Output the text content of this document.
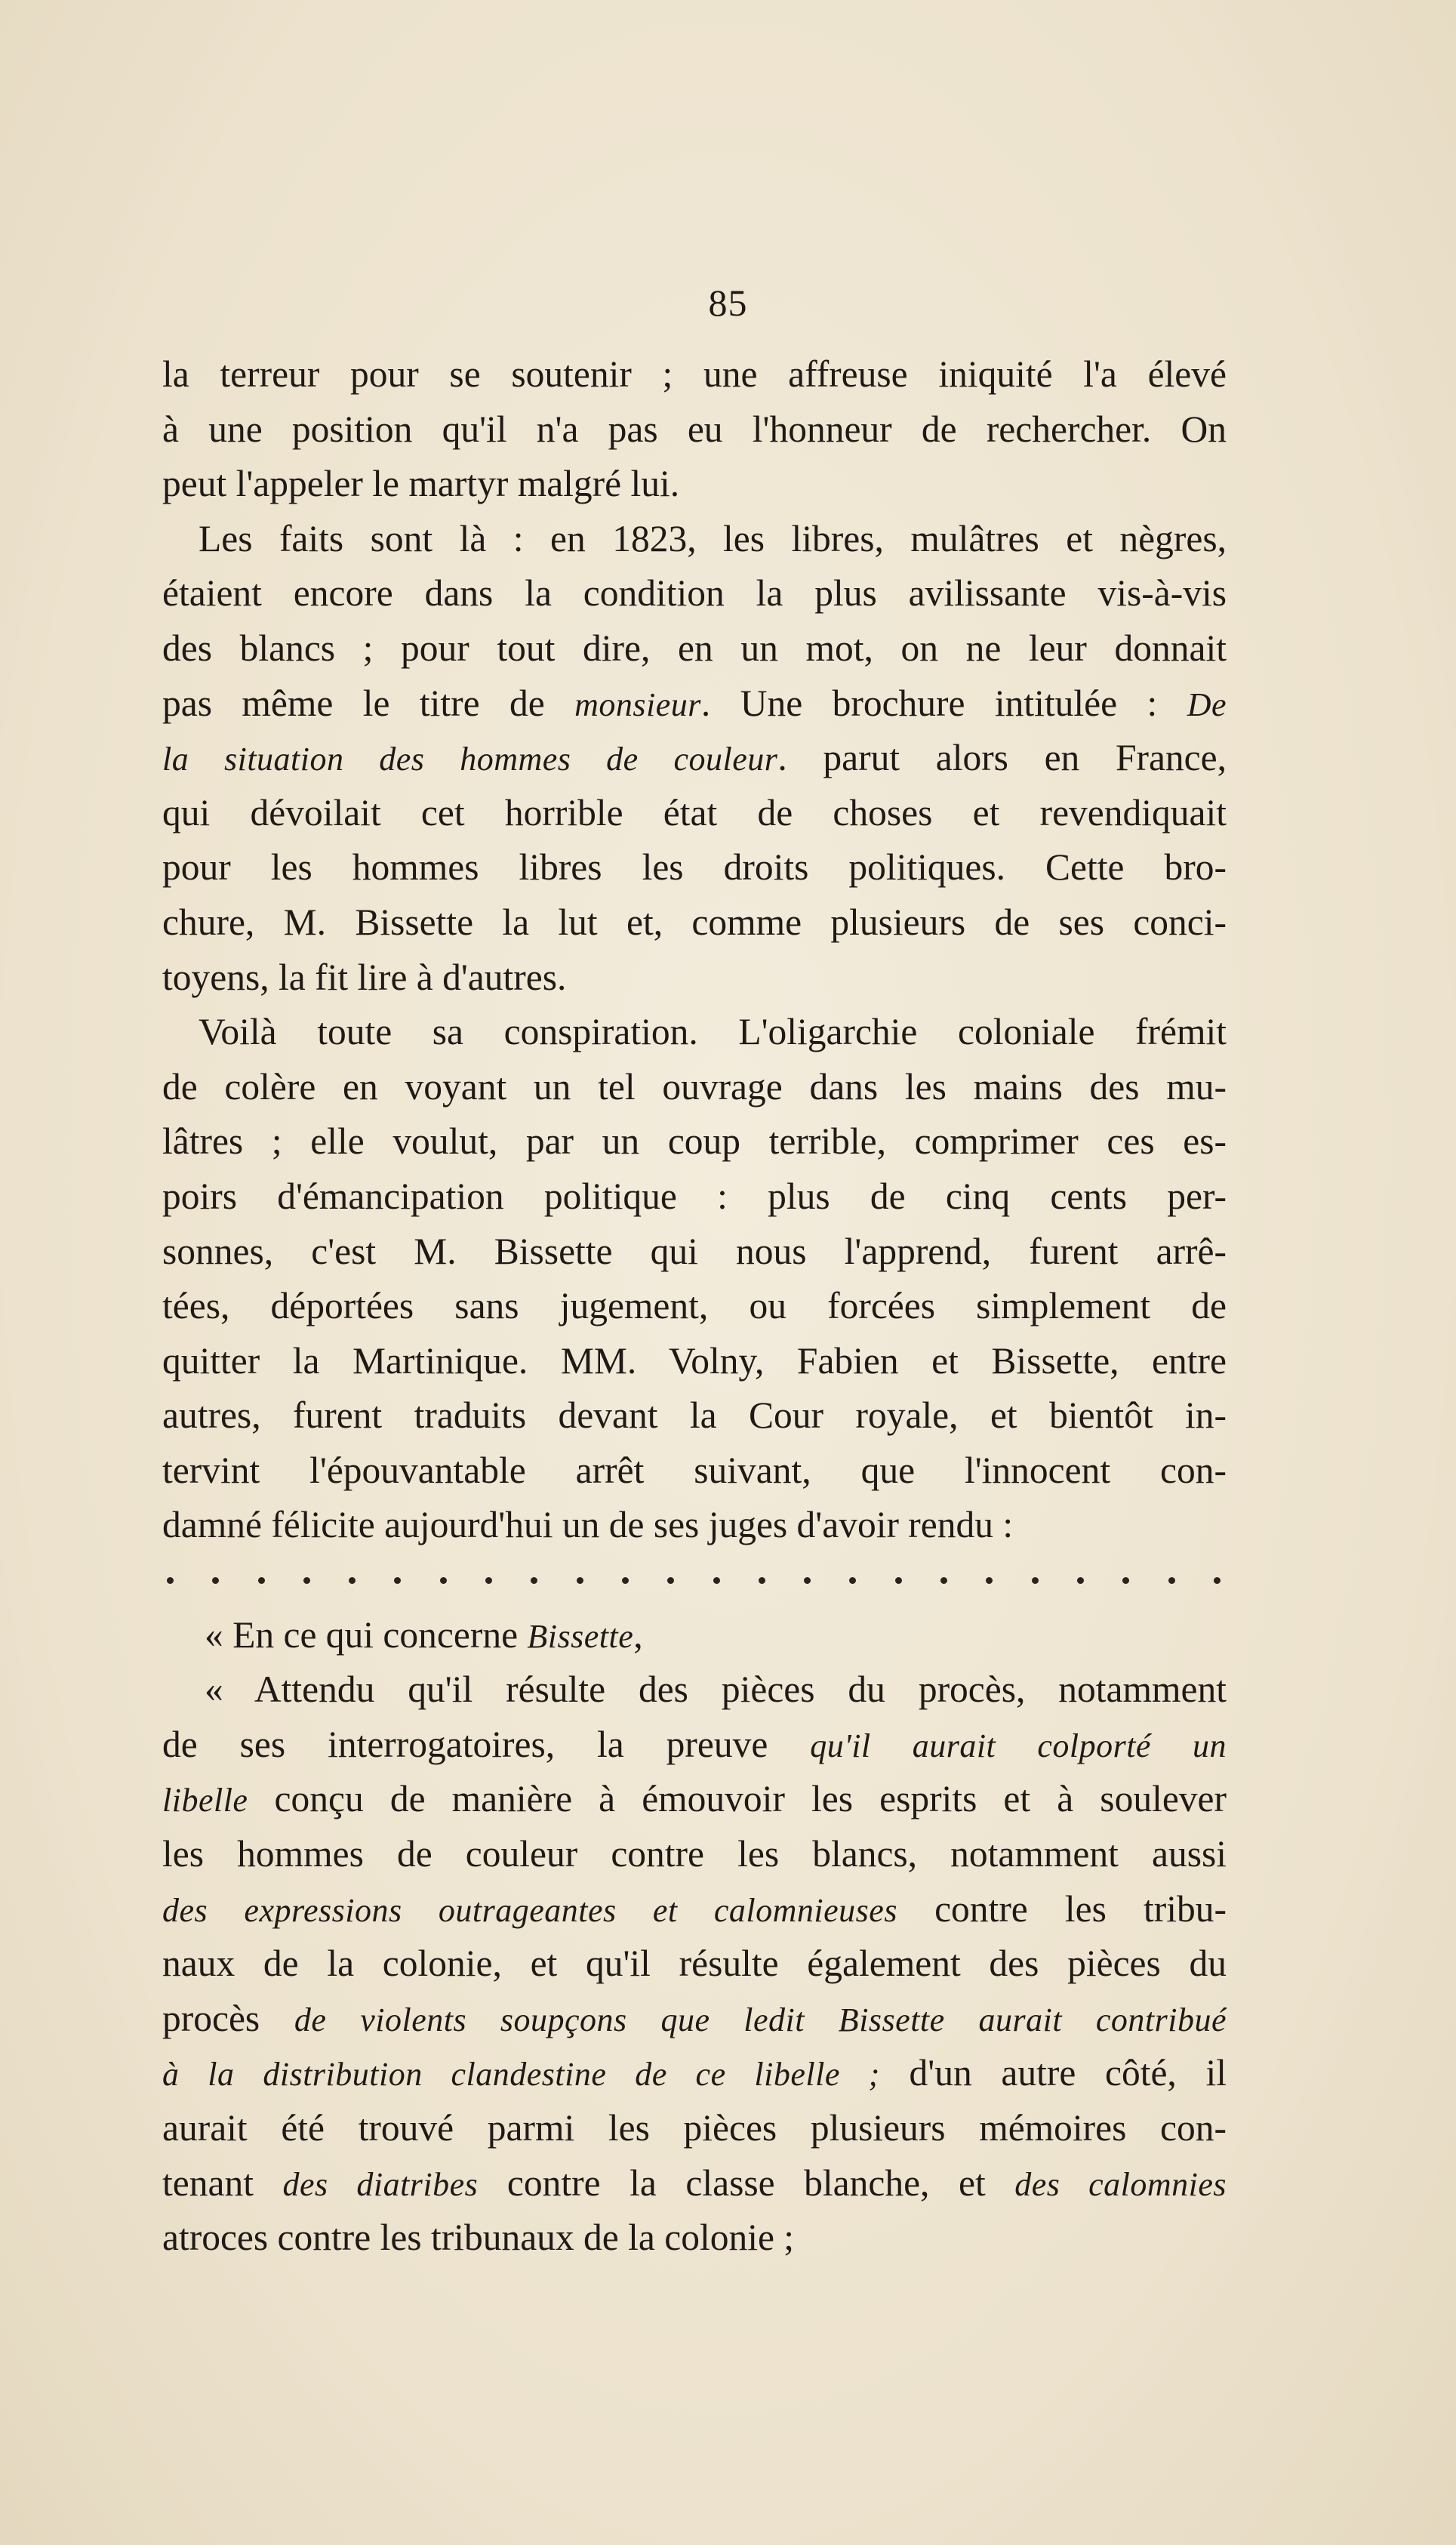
85
la terreur pour se soutenir ; une affreuse iniquité l'a élevé
à une position qu'il n'a pas eu l'honneur de rechercher. On
peut l'appeler le martyr malgré lui.
Les faits sont là : en 1823, les libres, mulâtres et nègres,
étaient encore dans la condition la plus avilissante vis-à-vis
des blancs ; pour tout dire, en un mot, on ne leur donnait
pas même le titre de monsieur. Une brochure intitulée : De
la situation des hommes de couleur. parut alors en France,
qui dévoilait cet horrible état de choses et revendiquait
pour les hommes libres les droits politiques. Cette bro-
chure, M. Bissette la lut et, comme plusieurs de ses conci-
toyens, la fit lire à d'autres.
Voilà toute sa conspiration. L'oligarchie coloniale frémit
de colère en voyant un tel ouvrage dans les mains des mu-
lâtres ; elle voulut, par un coup terrible, comprimer ces es-
poirs d'émancipation politique : plus de cinq cents per-
sonnes, c'est M. Bissette qui nous l'apprend, furent arrê-
tées, déportées sans jugement, ou forcées simplement de
quitter la Martinique. MM. Volny, Fabien et Bissette, entre
autres, furent traduits devant la Cour royale, et bientôt in-
tervint l'épouvantable arrêt suivant, que l'innocent con-
damné félicite aujourd'hui un de ses juges d'avoir rendu :
« En ce qui concerne Bissette,
« Attendu qu'il résulte des pièces du procès, notamment
de ses interrogatoires, la preuve qu'il aurait colporté un
libelle conçu de manière à émouvoir les esprits et à soulever
les hommes de couleur contre les blancs, notamment aussi
des expressions outrageantes et calomnieuses contre les tribu-
naux de la colonie, et qu'il résulte également des pièces du
procès de violents soupçons que ledit Bissette aurait contribué
à la distribution clandestine de ce libelle ; d'un autre côté, il
aurait été trouvé parmi les pièces plusieurs mémoires con-
tenant des diatribes contre la classe blanche, et des calomnies
atroces contre les tribunaux de la colonie ;
